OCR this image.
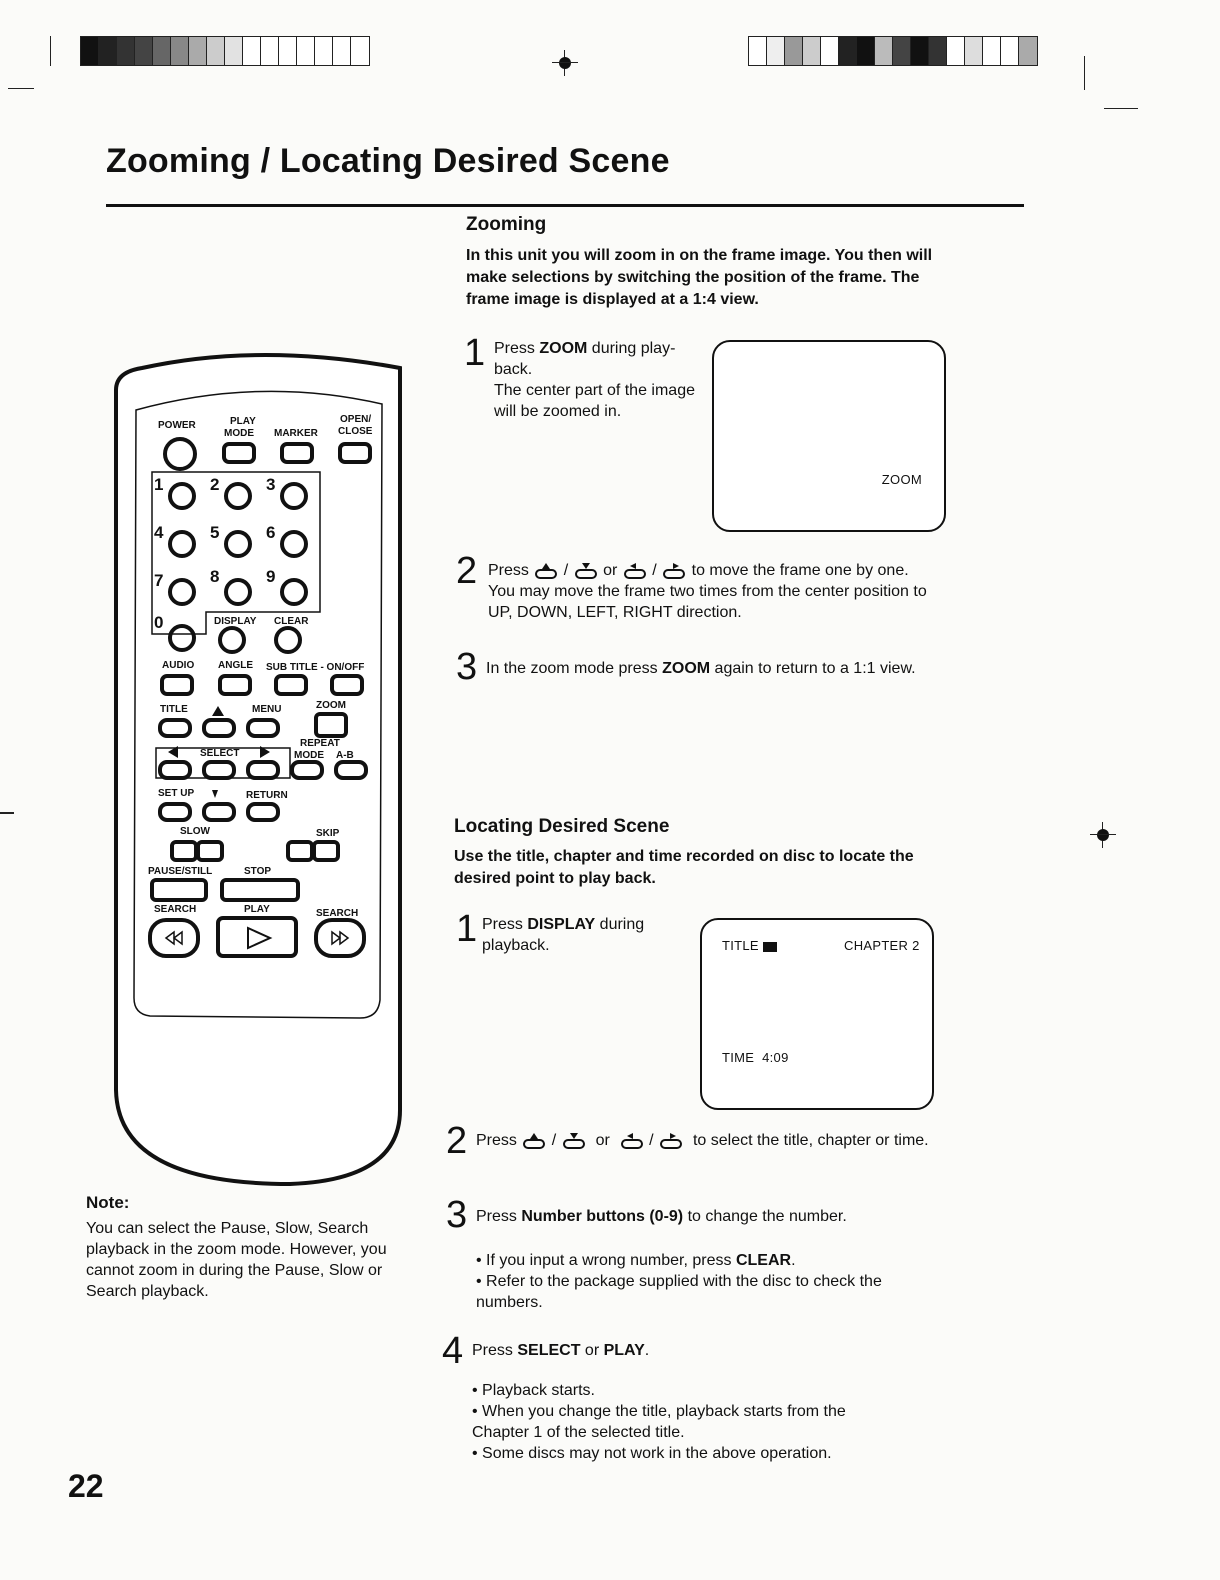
Zooming / Locating Desired Scene
Zooming
In this unit you will zoom in on the frame image. You then will make selections by switching the position of the frame. The frame image is displayed at a 1:4 view.
1 Press ZOOM during play-back.
The center part of the image will be zoomed in.
ZOOM
2 Press  /  or  /  to move the frame one by one.
You may move the frame two times from the center position to UP, DOWN, LEFT, RIGHT direction.
3 In the zoom mode press ZOOM again to return to a 1:1 view.
Locating Desired Scene
Use the title, chapter and time recorded on disc to locate the desired point to play back.
1 Press DISPLAY during playback.	TITLE	CHAPTER 2
TIME 4:09
2 Press  /   or   /   to select the title, chapter or time.
3 Press Number buttons (0-9) to change the number.
• If you input a wrong number, press CLEAR.
• Refer to the package supplied with the disc to check the numbers.
4 Press SELECT or PLAY.
• Playback starts.
• When you change the title, playback starts from the Chapter 1 of the selected title.
• Some discs may not work in the above operation.
Note:
You can select the Pause, Slow, Search playback in the zoom mode. However, you cannot zoom in during the Pause, Slow or Search playback.
22
POWER	PLAY
MODE MARKER
OPEN/
CLOSE
1	2	3
4	5	6
7	8	9
0	DISPLAY CLEAR
AUDIO ANGLE SUB TITLE - ON/OFF
TITLE	MENU	ZOOM
SELECT
REPEAT
MODE A-B
SET UP	RETURN
SLOW	SKIP
PAUSE/STILL	STOP
SEARCH	PLAY	SEARCH
